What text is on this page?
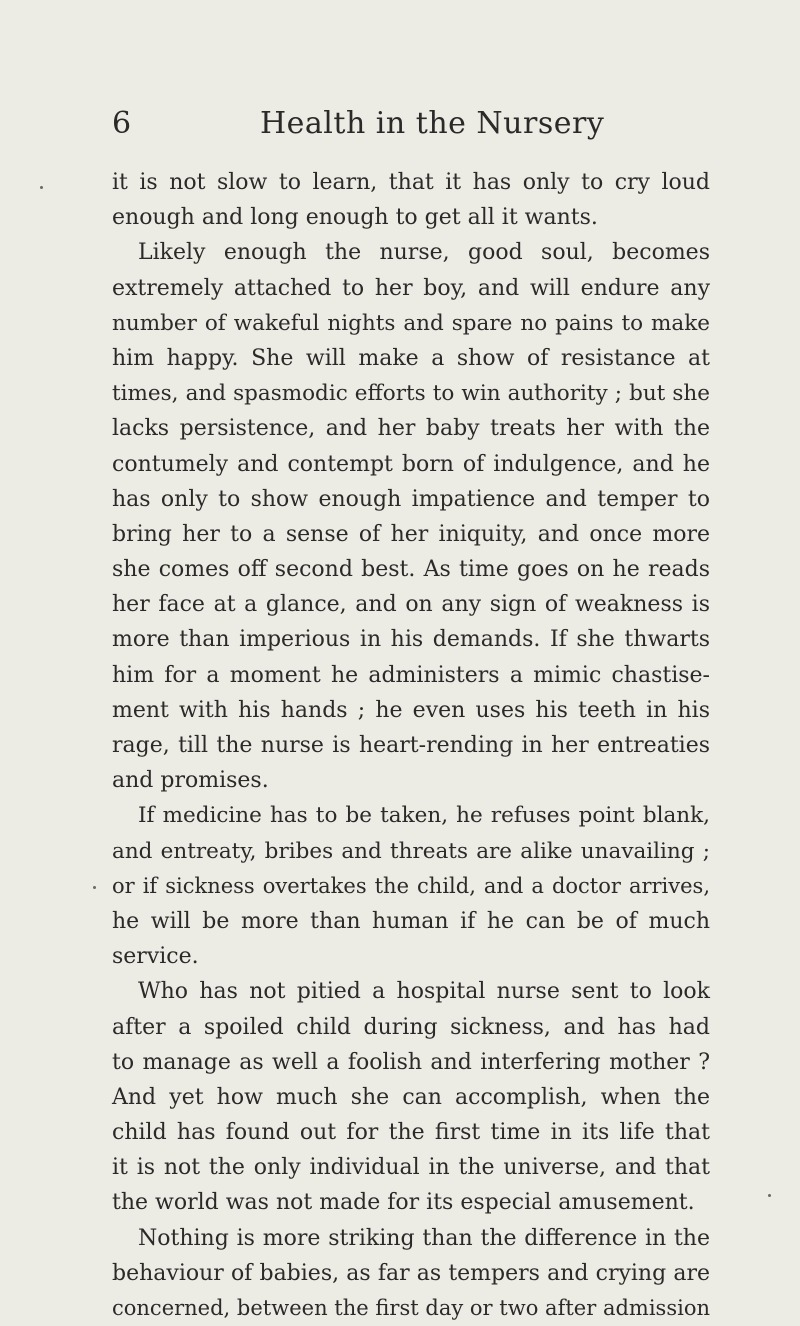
6	Health in the Nursery
it is not slow to learn, that it has only to cry loud
enough and long enough to get all it wants.
Likely enough the nurse, good soul, becomes
extremely attached to her boy, and will endure any
number of wakeful nights and spare no pains to make
him happy. She will make a show of resistance at
times, and spasmodic efforts to win authority ; but she
lacks persistence, and her baby treats her with the
contumely and contempt born of indulgence, and he
has only to show enough impatience and temper to
bring her to a sense of her iniquity, and once more
she comes off second best. As time goes on he reads
her face at a glance, and on any sign of weakness is
more than imperious in his demands. If she thwarts
him for a moment he administers a mimic chastise-
ment with his hands ; he even uses his teeth in his
rage, till the nurse is heart-rending in her entreaties
and promises.
If medicine has to be taken, he refuses point blank,
and entreaty, bribes and threats are alike unavailing ;
or if sickness overtakes the child, and a doctor arrives,
he will be more than human if he can be of much
service.
Who has not pitied a hospital nurse sent to look
after a spoiled child during sickness, and has had
to manage as well a foolish and interfering mother ?
And yet how much she can accomplish, when the
child has found out for the first time in its life that
it is not the only individual in the universe, and that
the world was not made for its especial amusement.
Nothing is more striking than the difference in the
behaviour of babies, as far as tempers and crying are
concerned, between the first day or two after admission
